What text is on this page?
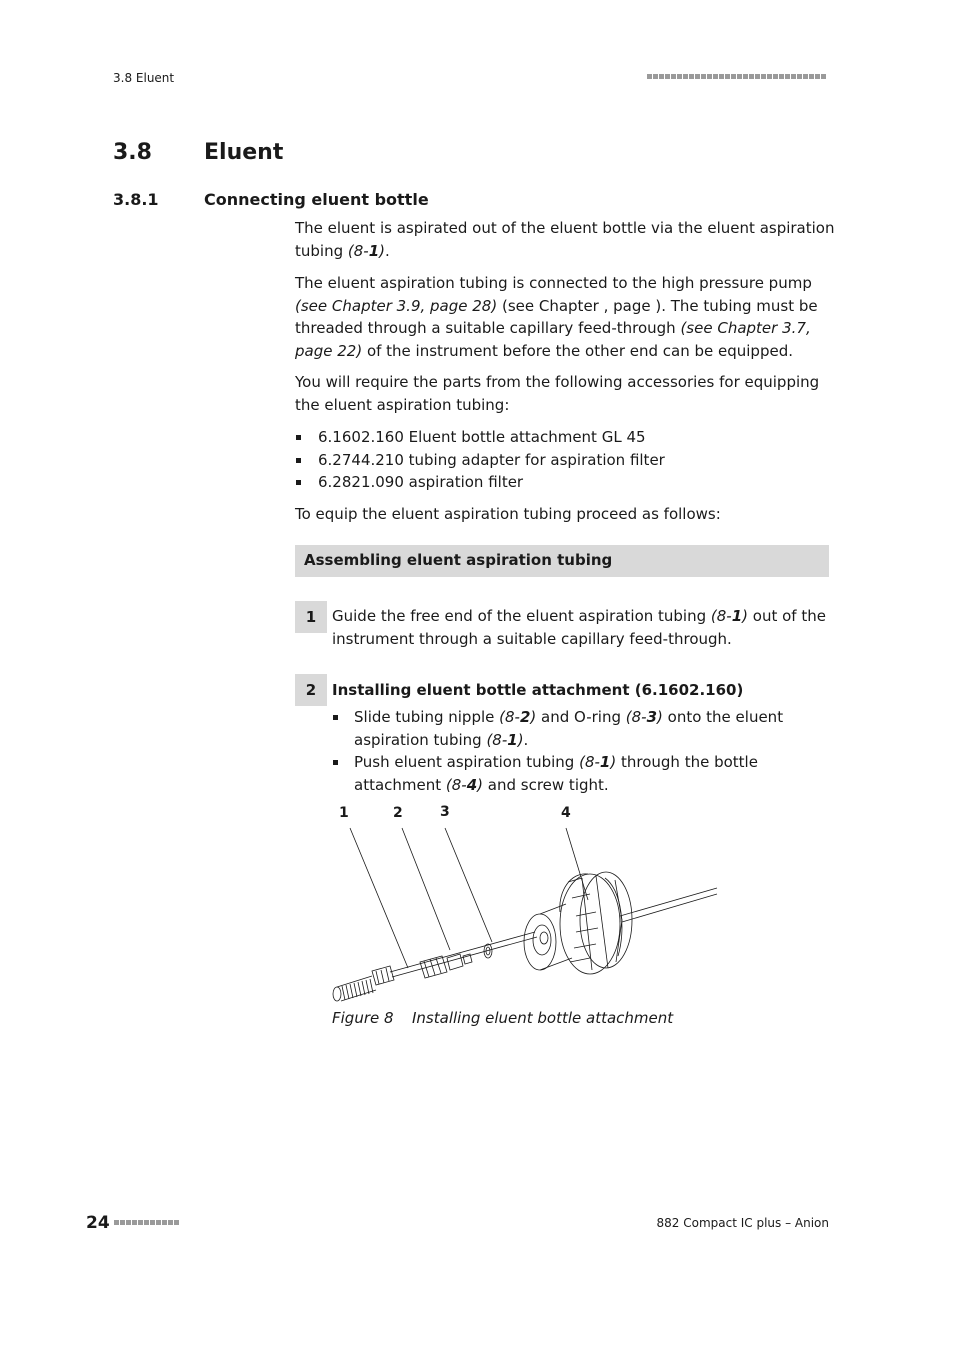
3.8 Eluent
3.8 Eluent
3.8.1	Connecting eluent bottle
The eluent is aspirated out of the eluent bottle via the eluent aspiration tubing (8-1).
The eluent aspiration tubing is connected to the high pressure pump (see Chapter 3.9, page 28) (see Chapter , page ). The tubing must be threaded through a suitable capillary feed-through (see Chapter 3.7, page 22) of the instrument before the other end can be equipped.
You will require the parts from the following accessories for equipping the eluent aspiration tubing:
6.1602.160 Eluent bottle attachment GL 45
6.2744.210 tubing adapter for aspiration filter
6.2821.090 aspiration filter
To equip the eluent aspiration tubing proceed as follows:
Assembling eluent aspiration tubing
1	Guide the free end of the eluent aspiration tubing (8-1) out of the instrument through a suitable capillary feed-through.
2	Installing eluent bottle attachment (6.1602.160)
Slide tubing nipple (8-2) and O-ring (8-3) onto the eluent aspiration tubing (8-1).
Push eluent aspiration tubing (8-1) through the bottle attachment (8-4) and screw tight.
1	2	3	4
Figure 8 Installing eluent bottle attachment
24	882 Compact IC plus – Anion
